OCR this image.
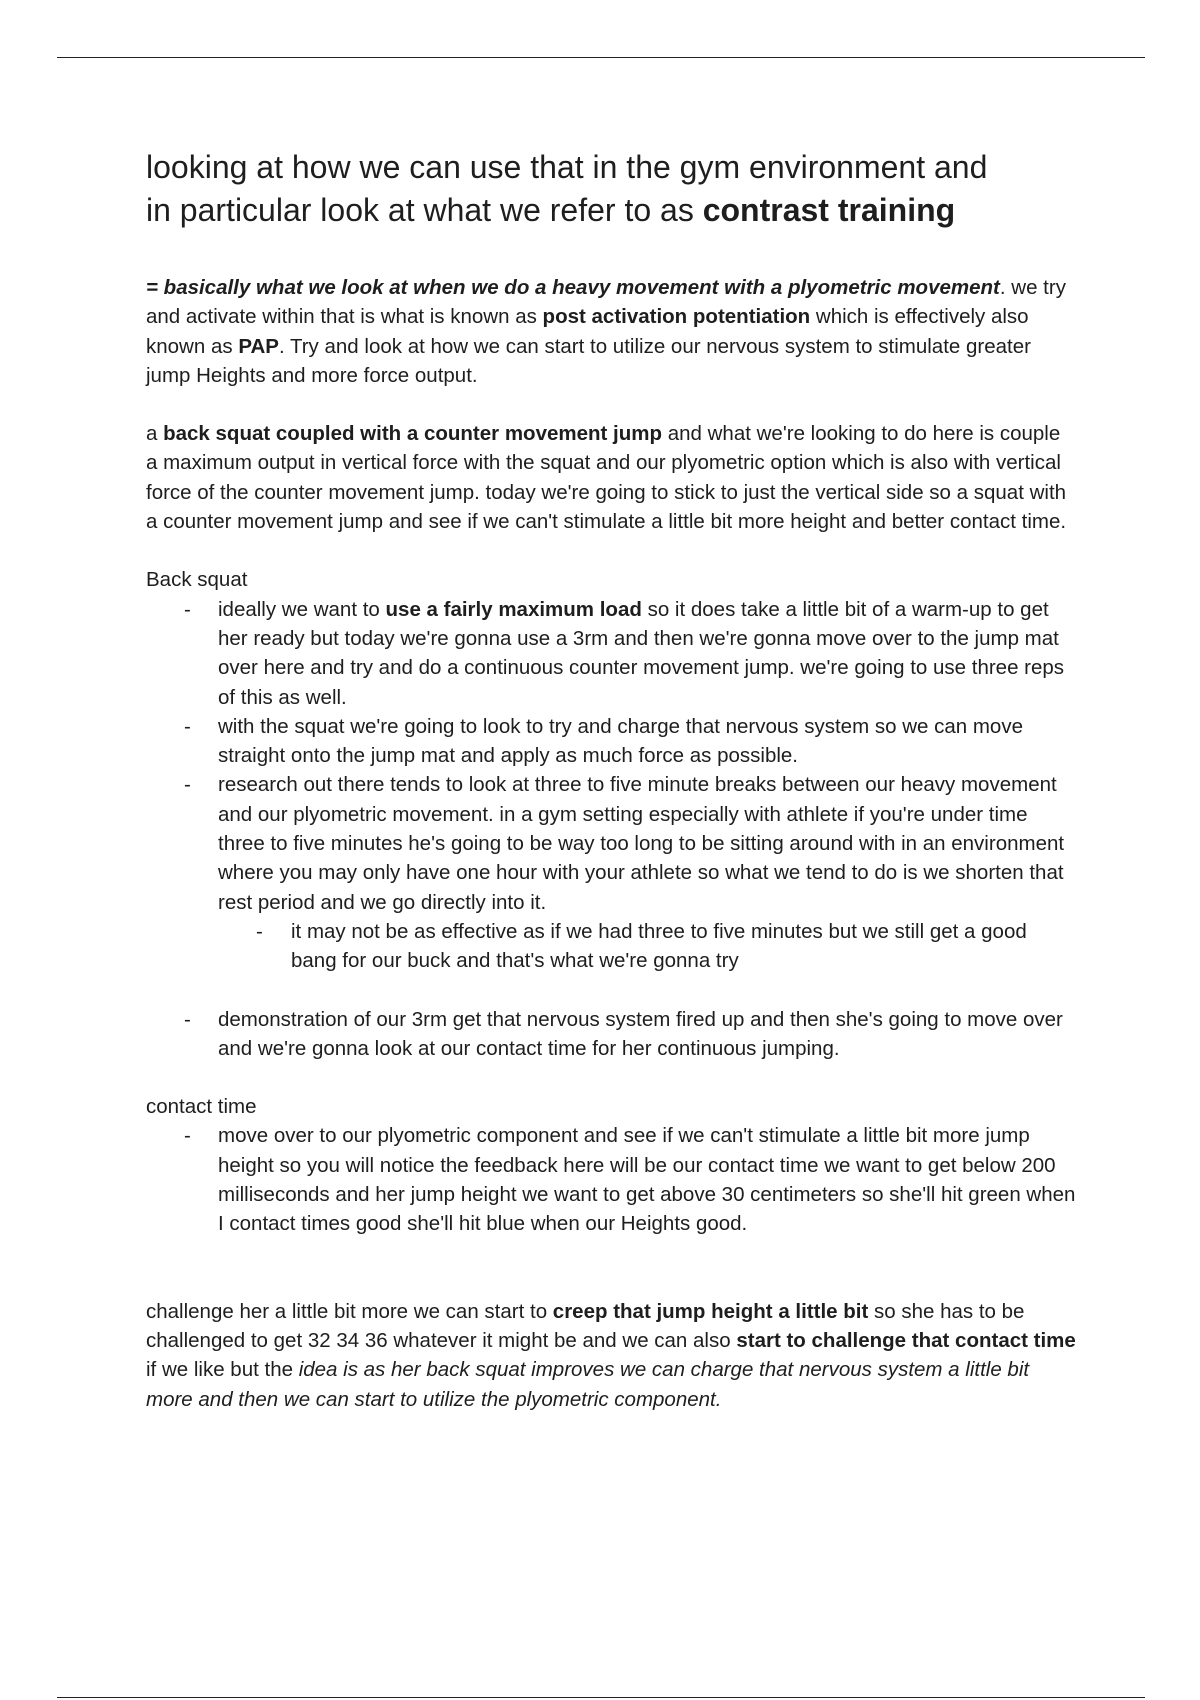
looking at how we can use that in the gym environment and
in particular look at what we refer to as contrast training

= basically what we look at when we do a heavy movement with a plyometric movement. we try and activate within that is what is known as post activation potentiation which is effectively also known as PAP. Try and look at how we can start to utilize our nervous system to stimulate greater jump Heights and more force output.

a back squat coupled with a counter movement jump and what we're looking to do here is couple a maximum output in vertical force with the squat and our plyometric option which is also with vertical force of the counter movement jump. today we're going to stick to just the vertical side so a squat with a counter movement jump and see if we can't stimulate a little bit more height and better contact time.

Back squat

- ideally we want to use a fairly maximum load so it does take a little bit of a warm-up to get her ready but today we're gonna use a 3rm and then we're gonna move over to the jump mat over here and try and do a continuous counter movement jump. we're going to use three reps of this as well.
- with the squat we're going to look to try and charge that nervous system so we can move straight onto the jump mat and apply as much force as possible.
- research out there tends to look at three to five minute breaks between our heavy movement and our plyometric movement. in a gym setting especially with athlete if you're under time three to five minutes he's going to be way too long to be sitting around with in an environment where you may only have one hour with your athlete so what we tend to do is we shorten that rest period and we go directly into it.
- it may not be as effective as if we had three to five minutes but we still get a good bang for our buck and that's what we're gonna try
- demonstration of our 3rm get that nervous system fired up and then she's going to move over and we're gonna look at our contact time for her continuous jumping.

contact time

- move over to our plyometric component and see if we can't stimulate a little bit more jump height so you will notice the feedback here will be our contact time we want to get below 200 milliseconds and her jump height we want to get above 30 centimeters so she'll hit green when I contact times good she'll hit blue when our Heights good.

challenge her a little bit more we can start to creep that jump height a little bit so she has to be challenged to get 32 34 36 whatever it might be and we can also start to challenge that contact time if we like but the idea is as her back squat improves we can charge that nervous system a little bit more and then we can start to utilize the plyometric component.
